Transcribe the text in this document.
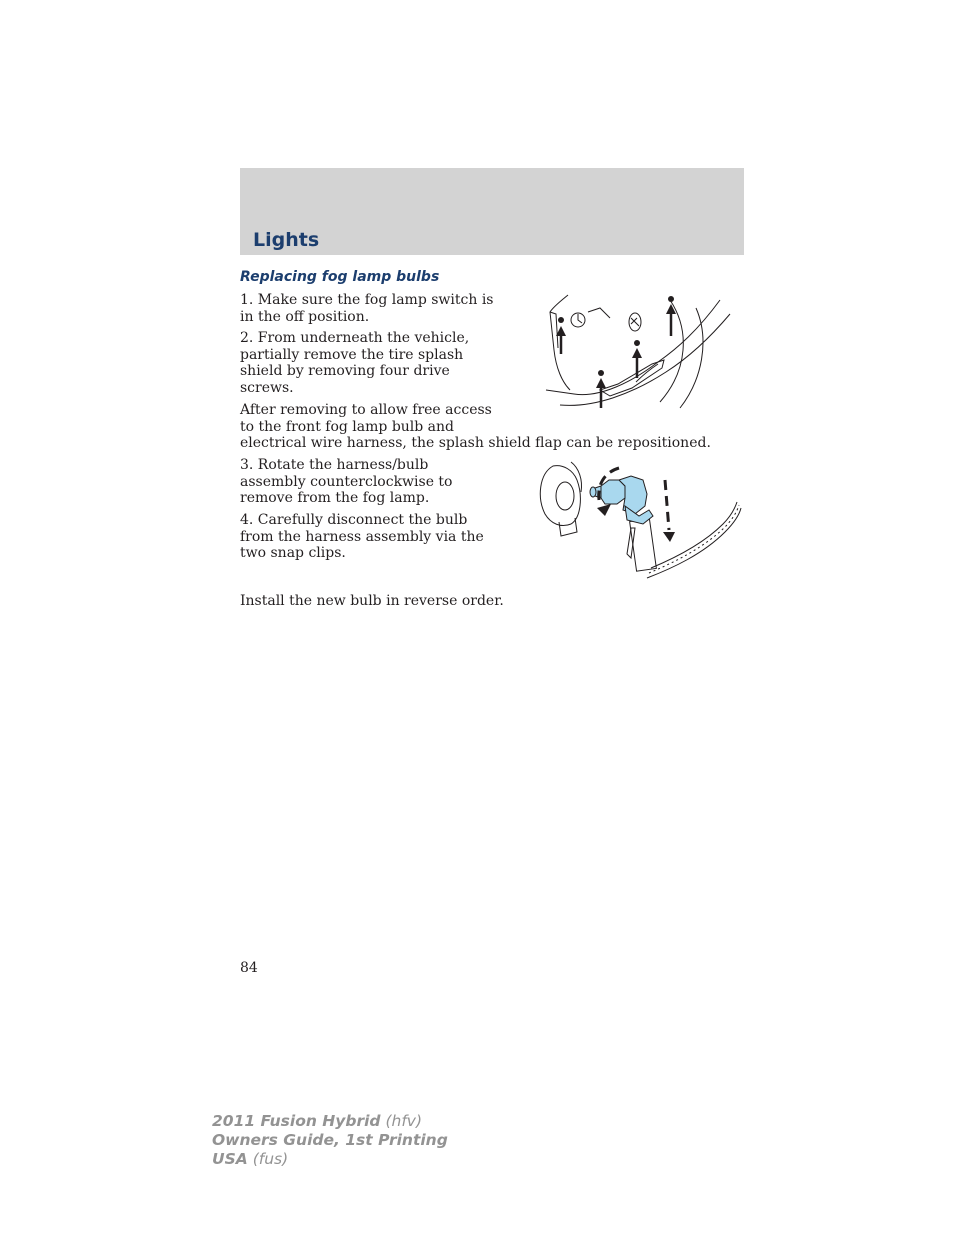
Lights
Replacing fog lamp bulbs

1. Make sure the fog lamp switch is in the off position.

2. From underneath the vehicle, partially remove the tire splash shield by removing four drive screws.

After removing to allow free access to the front fog lamp bulb and

electrical wire harness, the splash shield flap can be repositioned.

3. Rotate the harness/bulb assembly counterclockwise to remove from the fog lamp.

4. Carefully disconnect the bulb from the harness assembly via the two snap clips.

Install the new bulb in reverse order.

84

2011 Fusion Hybrid (hfv)
Owners Guide, 1st Printing
USA (fus)
